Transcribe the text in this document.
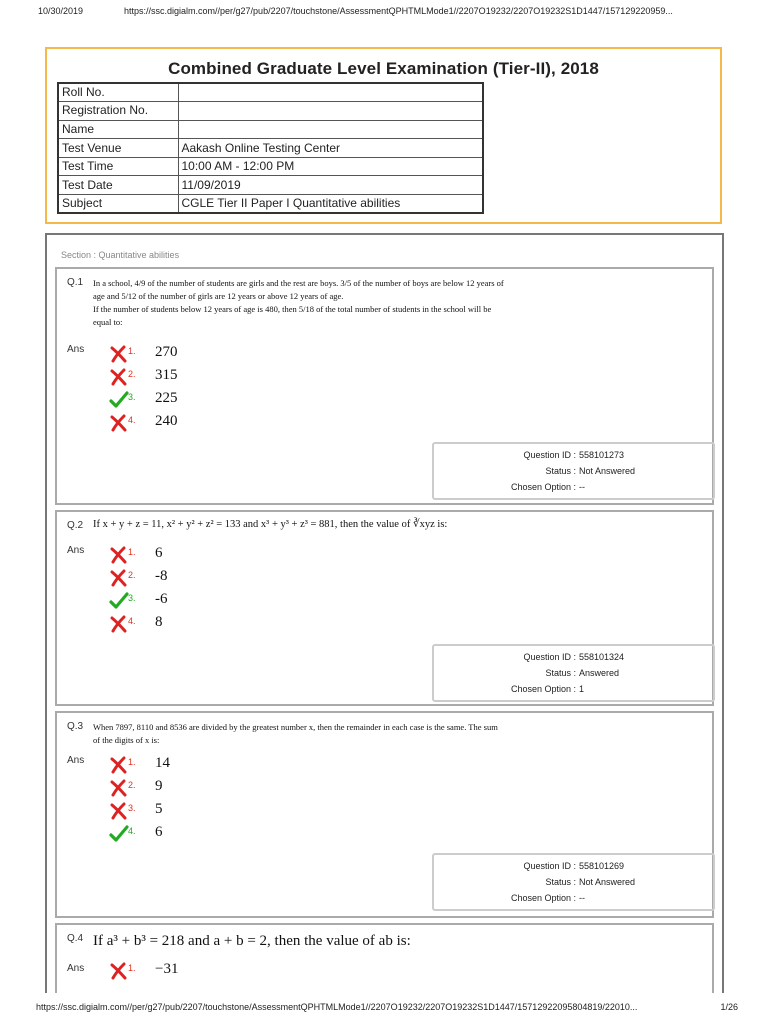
10/30/2019	https://ssc.digialm.com//per/g27/pub/2207/touchstone/AssessmentQPHTMLMode1//2207O19232/2207O19232S1D1447/157129220959...
Combined Graduate Level Examination (Tier-II), 2018
Roll No.	
Registration No.	
Name	
Test Venue	Aakash Online Testing Center
Test Time	10:00 AM - 12:00 PM
Test Date	11/09/2019
Subject	CGLE Tier II Paper I Quantitative abilities
Section : Quantitative abilities
Q.1 In a school, 4/9 of the number of students are girls and the rest are boys. 3/5 of the number of boys are below 12 years of
age and 5/12 of the number of girls are 12 years or above 12 years of age.
If the number of students below 12 years of age is 480, then 5/18 of the total number of students in the school will be
equal to:
Ans	1. 270
2. 315
3. 225
4. 240
Question ID : 558101273
Status : Not Answered
Chosen Option : --
Q.2 If x + y + z = 11, x² + y² + z² = 133 and x³ + y³ + z³ = 881, then the value of ∛xyz is:
Ans	1. 6
2. -8
3. -6
4. 8
Question ID : 558101324
Status : Answered
Chosen Option : 1
Q.3 When 7897, 8110 and 8536 are divided by the greatest number x, then the remainder in each case is the same. The sum
of the digits of x is:
Ans	1. 14
2. 9
3. 5
4. 6
Question ID : 558101269
Status : Not Answered
Chosen Option : --
Q.4 If a³ + b³ = 218 and a + b = 2, then the value of ab is:
Ans	1. −31
https://ssc.digialm.com//per/g27/pub/2207/touchstone/AssessmentQPHTMLMode1//2207O19232/2207O19232S1D1447/15712922095804819/22010...	1/26
